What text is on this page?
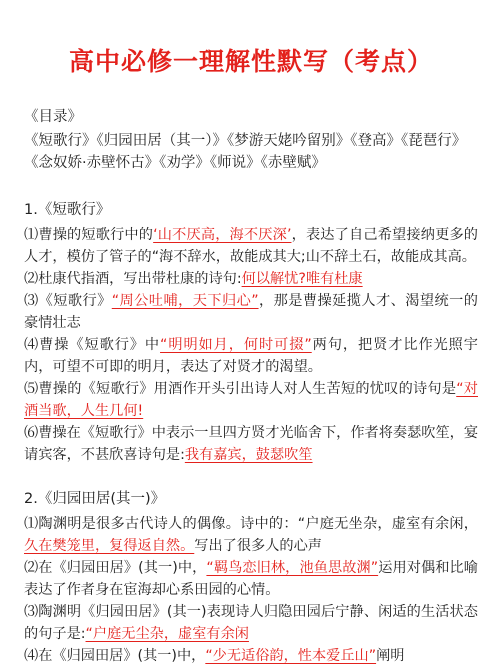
高中必修一理解性默写（考点）
《目录》
《短歌行》《归园田居（其一）》《梦游天姥吟留别》《登高》《琵琶行》《念奴娇·赤壁怀古》《劝学》《师说》《赤壁赋》
1.《短歌行》

⑴曹操的短歌行中的‘山不厌高，海不厌深’，表达了自己希望接纳更多的人才，模仿了管子的“海不辞水，故能成其大;山不辞土石，故能成其高。

⑵杜康代指酒，写出带杜康的诗句:何以解忧?唯有杜康

⑶《短歌行》“周公吐哺，天下归心”，那是曹操延揽人才、渴望统一的豪情壮志

⑷曹操《短歌行》中“明明如月，何时可掇”两句，把贤才比作光照宇内，可望不可即的明月，表达了对贤才的渴望。

⑸曹操的《短歌行》用酒作开头引出诗人对人生苦短的忧叹的诗句是“对酒当歌，人生几何!

⑹曹操在《短歌行》中表示一旦四方贤才光临舍下，作者将奏瑟吹笙，宴请宾客，不甚欣喜诗句是:我有嘉宾，鼓瑟吹笙

2.《归园田居(其一)》

⑴陶渊明是很多古代诗人的偶像。诗中的：“户庭无坐杂，虚室有余闲，久在樊笼里，复得返自然。写出了很多人的心声

⑵在《归园田居》(其一)中，“羁鸟恋旧林，池鱼思故渊”运用对偶和比喻表达了作者身在宦海却心系田园的心情。

⑶陶渊明《归园田居》(其一)表现诗人归隐田园后宁静、闲适的生活状态的句子是:“户庭无尘杂，虚室有余闲

⑷在《归园田居》(其一)中，“少无适俗韵，性本爱丘山”阐明
